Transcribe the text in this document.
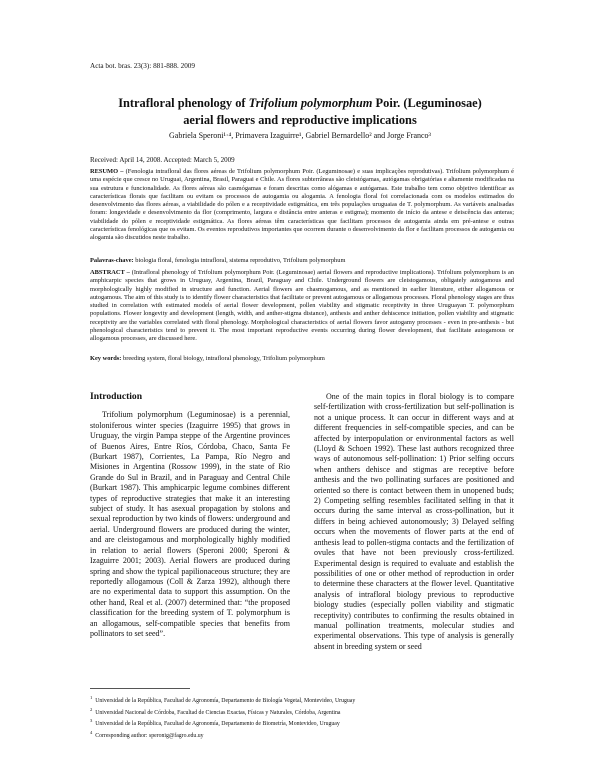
Acta bot. bras. 23(3): 881-888. 2009
Intrafloral phenology of Trifolium polymorphum Poir. (Leguminosae)
aerial flowers and reproductive implications
Gabriela Speroni¹·⁴, Primavera Izaguirre¹, Gabriel Bernardello² and Jorge Franco³
Received: April 14, 2008. Accepted: March 5, 2009
RESUMO – (Fenologia intrafloral das flores aéreas de Trifolium polymorphum Poir. (Leguminosae) e suas implicações reprodutivas). Trifolium polymorphum é uma espécie que cresce no Uruguai, Argentina, Brasil, Paraguai e Chile. As flores subterrâneas são cleistógamas, autógamas obrigatórias e altamente modificadas na sua estrutura e funcionalidade. As flores aéreas são casmógamas e foram descritas como alógamas e autógamas. Este trabalho tem como objetivo identificar as características florais que facilitam ou evitam os processos de autogamia ou alogamia. A fenologia floral foi correlacionada com os modelos estimados do desenvolvimento das flores aéreas, a viabilidade do pólen e a receptividade estigmática, em três populações uruguaias de T. polymorphum. As variáveis analisadas foram: longevidade e desenvolvimento da flor (comprimento, largura e distância entre anteras e estigma); momento de início da antese e deiscência das anteras; viabilidade do pólen e receptividade estigmática. As flores aéreas têm características que facilitam processos de autogamia ainda em pré-antese e outras características fenológicas que os evitam. Os eventos reprodutivos importantes que ocorrem durante o desenvolvimento da flor e facilitam processos de autogamia ou alogamia são discutidos neste trabalho.
Palavras-chave: biologia floral, fenologia intrafloral, sistema reprodutivo, Trifolium polymorphum
ABSTRACT – (Intrafloral phenology of Trifolium polymorphum Poir. (Leguminosae) aerial flowers and reproductive implications). Trifolium polymorphum is an amphicarpic species that grows in Uruguay, Argentina, Brazil, Paraguay and Chile. Underground flowers are cleistogamous, obligately autogamous and morphologically highly modified in structure and function. Aerial flowers are chasmogamous, and as mentioned in earlier literature, either allogamous or autogamous. The aim of this study is to identify flower characteristics that facilitate or prevent autogamous or allogamous processes. Floral phenology stages are thus studied in correlation with estimated models of aerial flower development, pollen viability and stigmatic receptivity in three Uruguayan T. polymorphum populations. Flower longevity and development (length, width, and anther-stigma distance), anthesis and anther dehiscence initiation, pollen viability and stigmatic receptivity are the variables correlated with floral phenology. Morphological characteristics of aerial flowers favor autogamy processes - even in pre-anthesis - but phenological characteristics tend to prevent it. The most important reproductive events occurring during flower development, that facilitate autogamous or allogamous processes, are discussed here.
Key words: breeding system, floral biology, intrafloral phenology, Trifolium polymorphum
Introduction

Trifolium polymorphum (Leguminosae) is a perennial, stoloniferous winter species (Izaguirre 1995) that grows in Uruguay, the virgin Pampa steppe of the Argentine provinces of Buenos Aires, Entre Ríos, Córdoba, Chaco, Santa Fe (Burkart 1987), Corrientes, La Pampa, Río Negro and Misiones in Argentina (Rossow 1999), in the state of Rio Grande do Sul in Brazil, and in Paraguay and Central Chile (Burkart 1987). This amphicarpic legume combines different types of reproductive strategies that make it an interesting subject of study. It has asexual propagation by stolons and sexual reproduction by two kinds of flowers: underground and aerial. Underground flowers are produced during the winter, and are cleistogamous and morphologically highly modified in relation to aerial flowers (Speroni 2000; Speroni & Izaguirre 2001; 2003). Aerial flowers are produced during spring and show the typical papilionaceous structure; they are reportedly allogamous (Coll & Zarza 1992), although there are no experimental data to support this assumption. On the other hand, Real et al. (2007) determined that: “the proposed classification for the breeding system of T. polymorphum is an allogamous, self-compatible species that benefits from pollinators to set seed”.

One of the main topics in floral biology is to compare self-fertilization with cross-fertilization but self-pollination is not a unique process. It can occur in different ways and at different frequencies in self-compatible species, and can be affected by interpopulation or environmental factors as well (Lloyd & Schoen 1992). These last authors recognized three ways of autonomous self-pollination: 1) Prior selfing occurs when anthers dehisce and stigmas are receptive before anthesis and the two pollinating surfaces are positioned and oriented so there is contact between them in unopened buds; 2) Competing selfing resembles facilitated selfing in that it occurs during the same interval as cross-pollination, but it differs in being achieved autonomously; 3) Delayed selfing occurs when the movements of flower parts at the end of anthesis lead to pollen-stigma contacts and the fertilization of ovules that have not been previously cross-fertilized. Experimental design is required to evaluate and establish the possibilities of one or other method of reproduction in order to determine these characters at the flower level. Quantitative analysis of intrafloral biology previous to reproductive biology studies (especially pollen viability and stigmatic receptivity) contributes to confirming the results obtained in manual pollination treatments, molecular studies and experimental observations. This type of analysis is generally absent in breeding system or seed

$^1$  Universidad de la República, Facultad de Agronomía, Departamento de Biología Vegetal, Montevideo, Uruguay
$^2$  Universidad Nacional de Córdoba, Facultad de Ciencias Exactas, Físicas y Naturales, Córdoba, Argentina
$^3$  Universidad de la República, Facultad de Agronomía, Departamento de Biometría, Montevideo, Uruguay
$^4$  Corresponding author: speronig@fagro.edu.uy
